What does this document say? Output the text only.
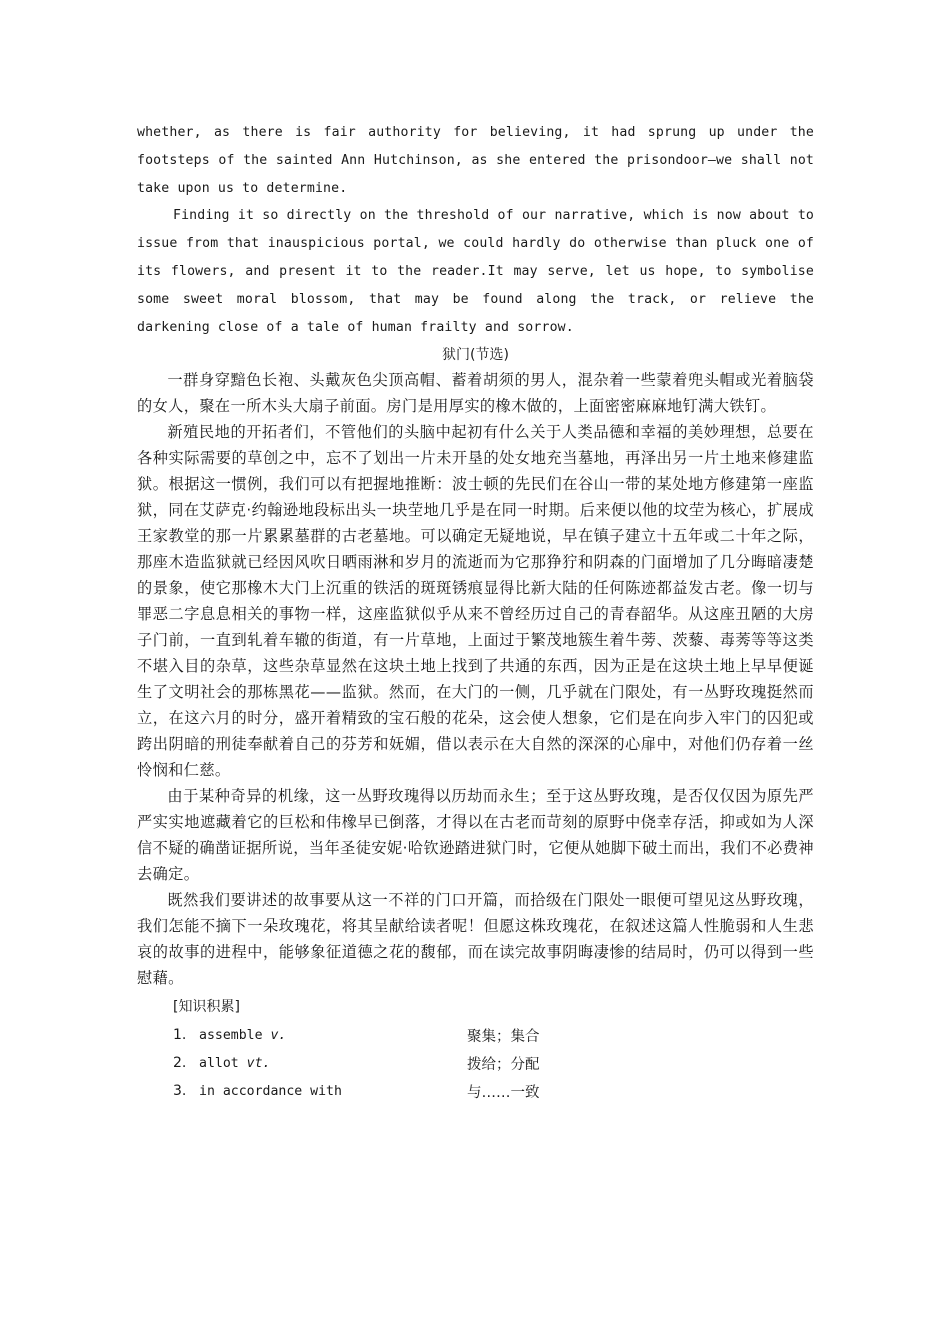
whether, as there is fair authority for believing, it had sprung up under the footsteps of the sainted Ann Hutchinson, as she entered the prisondoor—we shall not take upon us to determine.

Finding it so directly on the threshold of our narrative, which is now about to issue from that inauspicious portal, we could hardly do otherwise than pluck one of its flowers, and present it to the reader.It may serve, let us hope, to symbolise some sweet moral blossom, that may be found along the track, or relieve the darkening close of a tale of human frailty and sorrow.

狱门(节选)

一群身穿黯色长袍、头戴灰色尖顶高帽、蓄着胡须的男人，混杂着一些蒙着兜头帽或光着脑袋的女人，聚在一所木头大扇子前面。房门是用厚实的橡木做的，上面密密麻麻地钉满大铁钉。

新殖民地的开拓者们，不管他们的头脑中起初有什么关于人类品德和幸福的美妙理想，总要在各种实际需要的草创之中，忘不了划出一片未开垦的处女地充当墓地，再泽出另一片土地来修建监狱。根据这一惯例，我们可以有把握地推断：波士顿的先民们在谷山一带的某处地方修建第一座监狱，同在艾萨克·约翰逊地段标出头一块茔地几乎是在同一时期。后来便以他的坟茔为核心，扩展成王家教堂的那一片累累墓群的古老墓地。可以确定无疑地说，早在镇子建立十五年或二十年之际，那座木造监狱就已经因风吹日晒雨淋和岁月的流逝而为它那狰狞和阴森的门面增加了几分晦暗凄楚的景象，使它那橡木大门上沉重的铁活的斑斑锈痕显得比新大陆的任何陈迹都益发古老。像一切与罪恶二字息息相关的事物一样，这座监狱似乎从来不曾经历过自己的青春韶华。从这座丑陋的大房子门前，一直到轧着车辙的街道，有一片草地，上面过于繁茂地簇生着牛蒡、茨藜、毒莠等等这类不堪入目的杂草，这些杂草显然在这块土地上找到了共通的东西，因为正是在这块土地上早早便诞生了文明社会的那栋黑花——监狱。然而，在大门的一侧，几乎就在门限处，有一丛野玫瑰挺然而立，在这六月的时分，盛开着精致的宝石般的花朵，这会使人想象，它们是在向步入牢门的囚犯或跨出阴暗的刑徒奉献着自己的芬芳和妩媚，借以表示在大自然的深深的心扉中，对他们仍存着一丝怜悯和仁慈。

由于某种奇异的机缘，这一丛野玫瑰得以历劫而永生；至于这丛野玫瑰，是否仅仅因为原先严严实实地遮藏着它的巨松和伟橡早已倒落，才得以在古老而苛刻的原野中侥幸存活，抑或如为人深信不疑的确凿证据所说，当年圣徒安妮·哈钦逊踏进狱门时，它便从她脚下破土而出，我们不必费神去确定。

既然我们要讲述的故事要从这一不祥的门口开篇，而拾级在门限处一眼便可望见这丛野玫瑰，我们怎能不摘下一朵玫瑰花，将其呈献给读者呢！但愿这株玫瑰花，在叙述这篇人性脆弱和人生悲哀的故事的进程中，能够象征道德之花的馥郁，而在读完故事阴晦凄惨的结局时，仍可以得到一些慰藉。

[知识积累]
1. assemble v.	聚集；集合
2. allot vt.	拨给；分配
3. in accordance with	与……一致
